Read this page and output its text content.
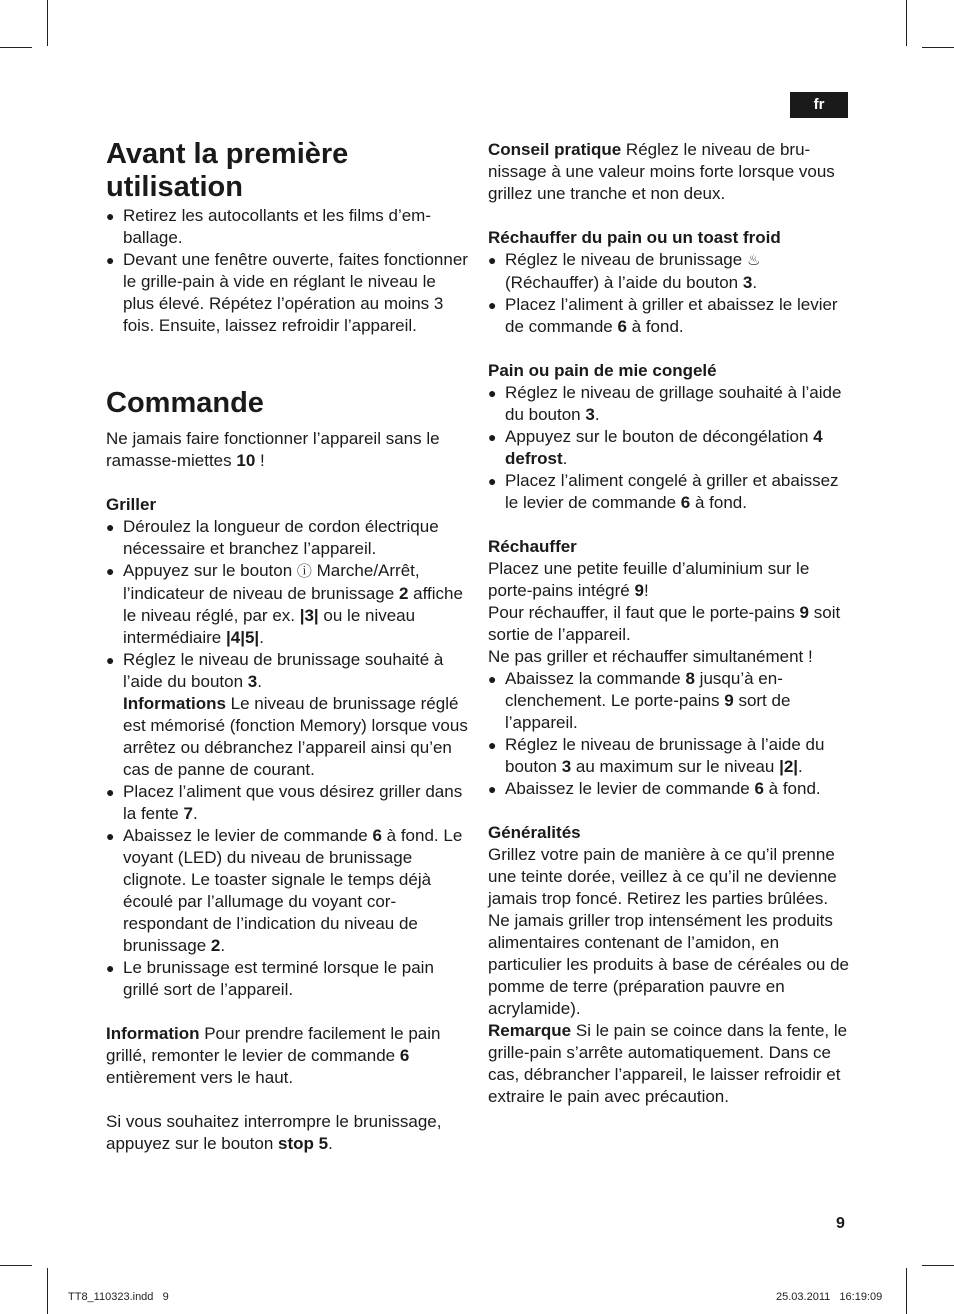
fr
Avant la première utilisation
● Retirez les autocollants et les films d’emballage.
● Devant une fenêtre ouverte, faites fonctionner le grille-pain à vide en réglant le niveau le plus élevé. Répétez l’opération au moins 3 fois. Ensuite, laissez refroidir l’appareil.
Commande

Ne jamais faire fonctionner l’appareil sans le ramasse-miettes 10 !

Griller
● Déroulez la longueur de cordon électrique nécessaire et branchez l’appareil.
● Appuyez sur le bouton ⓘ Marche/Arrêt, l’indicateur de niveau de brunissage 2 affiche le niveau réglé, par ex. |3| ou le niveau intermédiaire |4|5|.
● Réglez le niveau de brunissage souhaité à l’aide du bouton 3.
Informations Le niveau de brunissage réglé est mémorisé (fonction Memory) lorsque vous arrêtez ou débranchez l’appareil ainsi qu’en cas de panne de courant.
● Placez l’aliment que vous désirez griller dans la fente 7.
● Abaissez le levier de commande 6 à fond. Le voyant (LED) du niveau de brunissage clignote. Le toaster signale le temps déjà écoulé par l’allumage du voyant correspondant de l’indication du niveau de brunissage 2.
● Le brunissage est terminé lorsque le pain grillé sort de l’appareil.

Information Pour prendre facilement le pain grillé, remonter le levier de commande 6 entièrement vers le haut.

Si vous souhaitez interrompre le brunissage, appuyez sur le bouton stop 5.

Conseil pratique Réglez le niveau de brunissage à une valeur moins forte lorsque vous grillez une tranche et non deux.

Réchauffer du pain ou un toast froid
● Réglez le niveau de brunissage ♨ (Réchauffer) à l’aide du bouton 3.
● Placez l’aliment à griller et abaissez le levier de commande 6 à fond.
Pain ou pain de mie congelé
● Réglez le niveau de grillage souhaité à l’aide du bouton 3.
● Appuyez sur le bouton de décongélation 4 defrost.
● Placez l’aliment congelé à griller et abaissez le levier de commande 6 à fond.
Réchauffer

Placez une petite feuille d’aluminium sur le porte-pains intégré 9!

Pour réchauffer, il faut que le porte-pains 9 soit sortie de l’appareil.

Ne pas griller et réchauffer simultanément !

● Abaissez la commande 8 jusqu’à enclenchement. Le porte-pains 9 sort de l’appareil.
● Réglez le niveau de brunissage à l’aide du bouton 3 au maximum sur le niveau |2|.
● Abaissez le levier de commande 6 à fond.
Généralités

Grillez votre pain de manière à ce qu’il prenne une teinte dorée, veillez à ce qu’il ne devienne jamais trop foncé. Retirez les parties brûlées. Ne jamais griller trop intensément les produits alimentaires contenant de l’amidon, en particulier les produits à base de céréales ou de pomme de terre (préparation pauvre en acrylamide).

Remarque Si le pain se coince dans la fente, le grille-pain s’arrête automatiquement. Dans ce cas, débrancher l’appareil, le laisser refroidir et extraire le pain avec précaution.

9
TT8_110323.indd   9	25.03.2011   16:19:09
